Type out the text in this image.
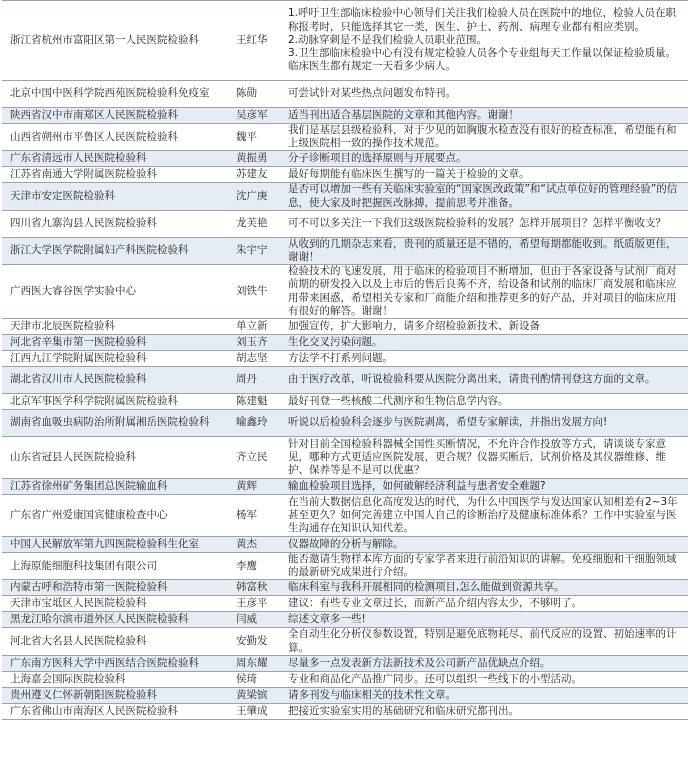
浙江省杭州市富阳区第一人民医院检验科	王红华	1.呼吁卫生部临床检验中心领导们关注我们检验人员在医院中的地位，检验人员在职称报考时，只能选择其它一类，医生、护士、药剂、病理专业都有相应类别。
2.动脉穿刺是不是我们检验人员职业范围。
3.卫生部临床检验中心有没有规定检验人员各个专业组每天工作量以保证检验质量。临床医生都有规定一天看多少病人。
北京中国中医科学院西苑医院检验科免疫室	陈勋	可尝试针对某些热点问题发布特刊。
陕西省汉中市南郑区人民医院检验科	吴彦军	适当刊出适合基层医院的文章和其他内容。谢谢！
山西省朔州市平鲁区人民医院检验科	魏平	我们是基层县级检验科，对于少见的如胸腹水检查没有很好的检查标准，希望能有和上级医院相一致的操作技术规范。
广东省清远市人民医院检验科	黄振勇	分子诊断项目的选择原则与开展要点。
江苏省南通大学附属医院检验科	苏建友	最好每期能有临床医生撰写的一篇关于检验的文章。
天津市安定医院检验科	沈广庚	是否可以增加一些有关临床实验室的“国家医改政策”和“试点单位好的管理经验”的信息，使大家及时把握医改脉搏，提前思考并准备。
四川省九寨沟县人民医院检验科	龙芙艳	可不可以多关注一下我们这级医院检验科的发展？怎样开展项目？怎样平衡收支？
浙江大学医学院附属妇产科医院检验科	朱宇宁	从收到的几期杂志来看，贵刊的质量还是不错的，希望每期都能收到。纸质版更佳，谢谢！
广西医大睿谷医学实验中心	刘铁牛	检验技术的飞速发展，用于临床的检验项目不断增加，但由于各家设备与试剂厂商对前期的研发投入以及上市后的售后良莠不齐，给设备和试剂的临床厂商发展和临床应用带来困惑，希望相关专家和厂商能介绍和推荐更多的好产品，并对项目的临床应用有很好的解答。谢谢！
天津市北辰医院检验科	单立新	加强宣传，扩大影响力，请多介绍检验新技术、新设备
河北省辛集市第一医院检验科	刘玉齐	生化交叉污染问题。
江西九江学院附属医院检验科	胡志坚	方法学不打系列问题。
湖北省汉川市人民医院检验科	周丹	由于医疗改革，听说检验科要从医院分离出来，请贵刊酌情刊登这方面的文章。
北京军事医学科学院附属医院检验科	陈建魁	最好刊登一些核酸二代测序和生物信息学内容。
湖南省血吸虫病防治所附属湘岳医院检验科	喻鑫玲	听说以后检验科会逐步与医院剥离，希望专家解读，并指出发展方向!
山东省冠县人民医院检验科	齐立民	针对目前全国检验科器械全国性买断情况，不允许合作投放等方式，请谈谈专家意见，哪种方式更适应医院发展，更合规？仪器买断后，试剂价格及其仪器维修、维护、保养等是不是可以优惠？
江苏省徐州矿务集团总医院输血科	黄辉	输血检验项目选择，如何破解经济利益与患者安全难题?
广东省广州爱康国宾健康检查中心	杨军	在当前大数据信息化高度发达的时代，为什么中国医学与发达国家认知相差有2~3年甚至更久？如何完善建立中国人自己的诊断治疗及健康标准体系？工作中实验室与医生沟通存在知识认知代差。
中国人民解放军第九四医院检验科生化室	黄杰	仪器故障的分析与解除。
上海原能细胞科技集团有限公司	李鹰	能否邀请生物样本库方面的专家学者来进行前沿知识的讲解。免疫细胞和干细胞领域的最新研究成果进行介绍。
内蒙古呼和浩特市第一医院检验科	韩富秋	临床科室与我科开展相同的检测项目,怎么能做到资源共享。
天津市宝坻区人民医院检验科	王彦平	建议：有些专业文章过长，而新产品介绍内容太少，不够明了。
黑龙江哈尔滨市道外区人民医院检验科	闫威	综述文章多一些!
河北省大名县人民医院检验科	安勤发	全自动生化分析仪参数设置，特别是避免底物耗尽、前代反应的设置、初始速率的计算。
广东南方医科大学中西医结合医院检验科	周东耀	尽量多一点发表新方法新技术及公司新产品优缺点介绍。
上海嘉会国际医院检验科	侯琦	专业和商品化产品推广同步。还可以组织一些线下的小型活动。
贵州遵义仁怀新朝阳医院检验科	黄梁镔	请多刊发与临床相关的技术性文章。
广东省佛山市南海区人民医院检验科	王肇成	把接近实验室实用的基础研究和临床研究都刊出。
